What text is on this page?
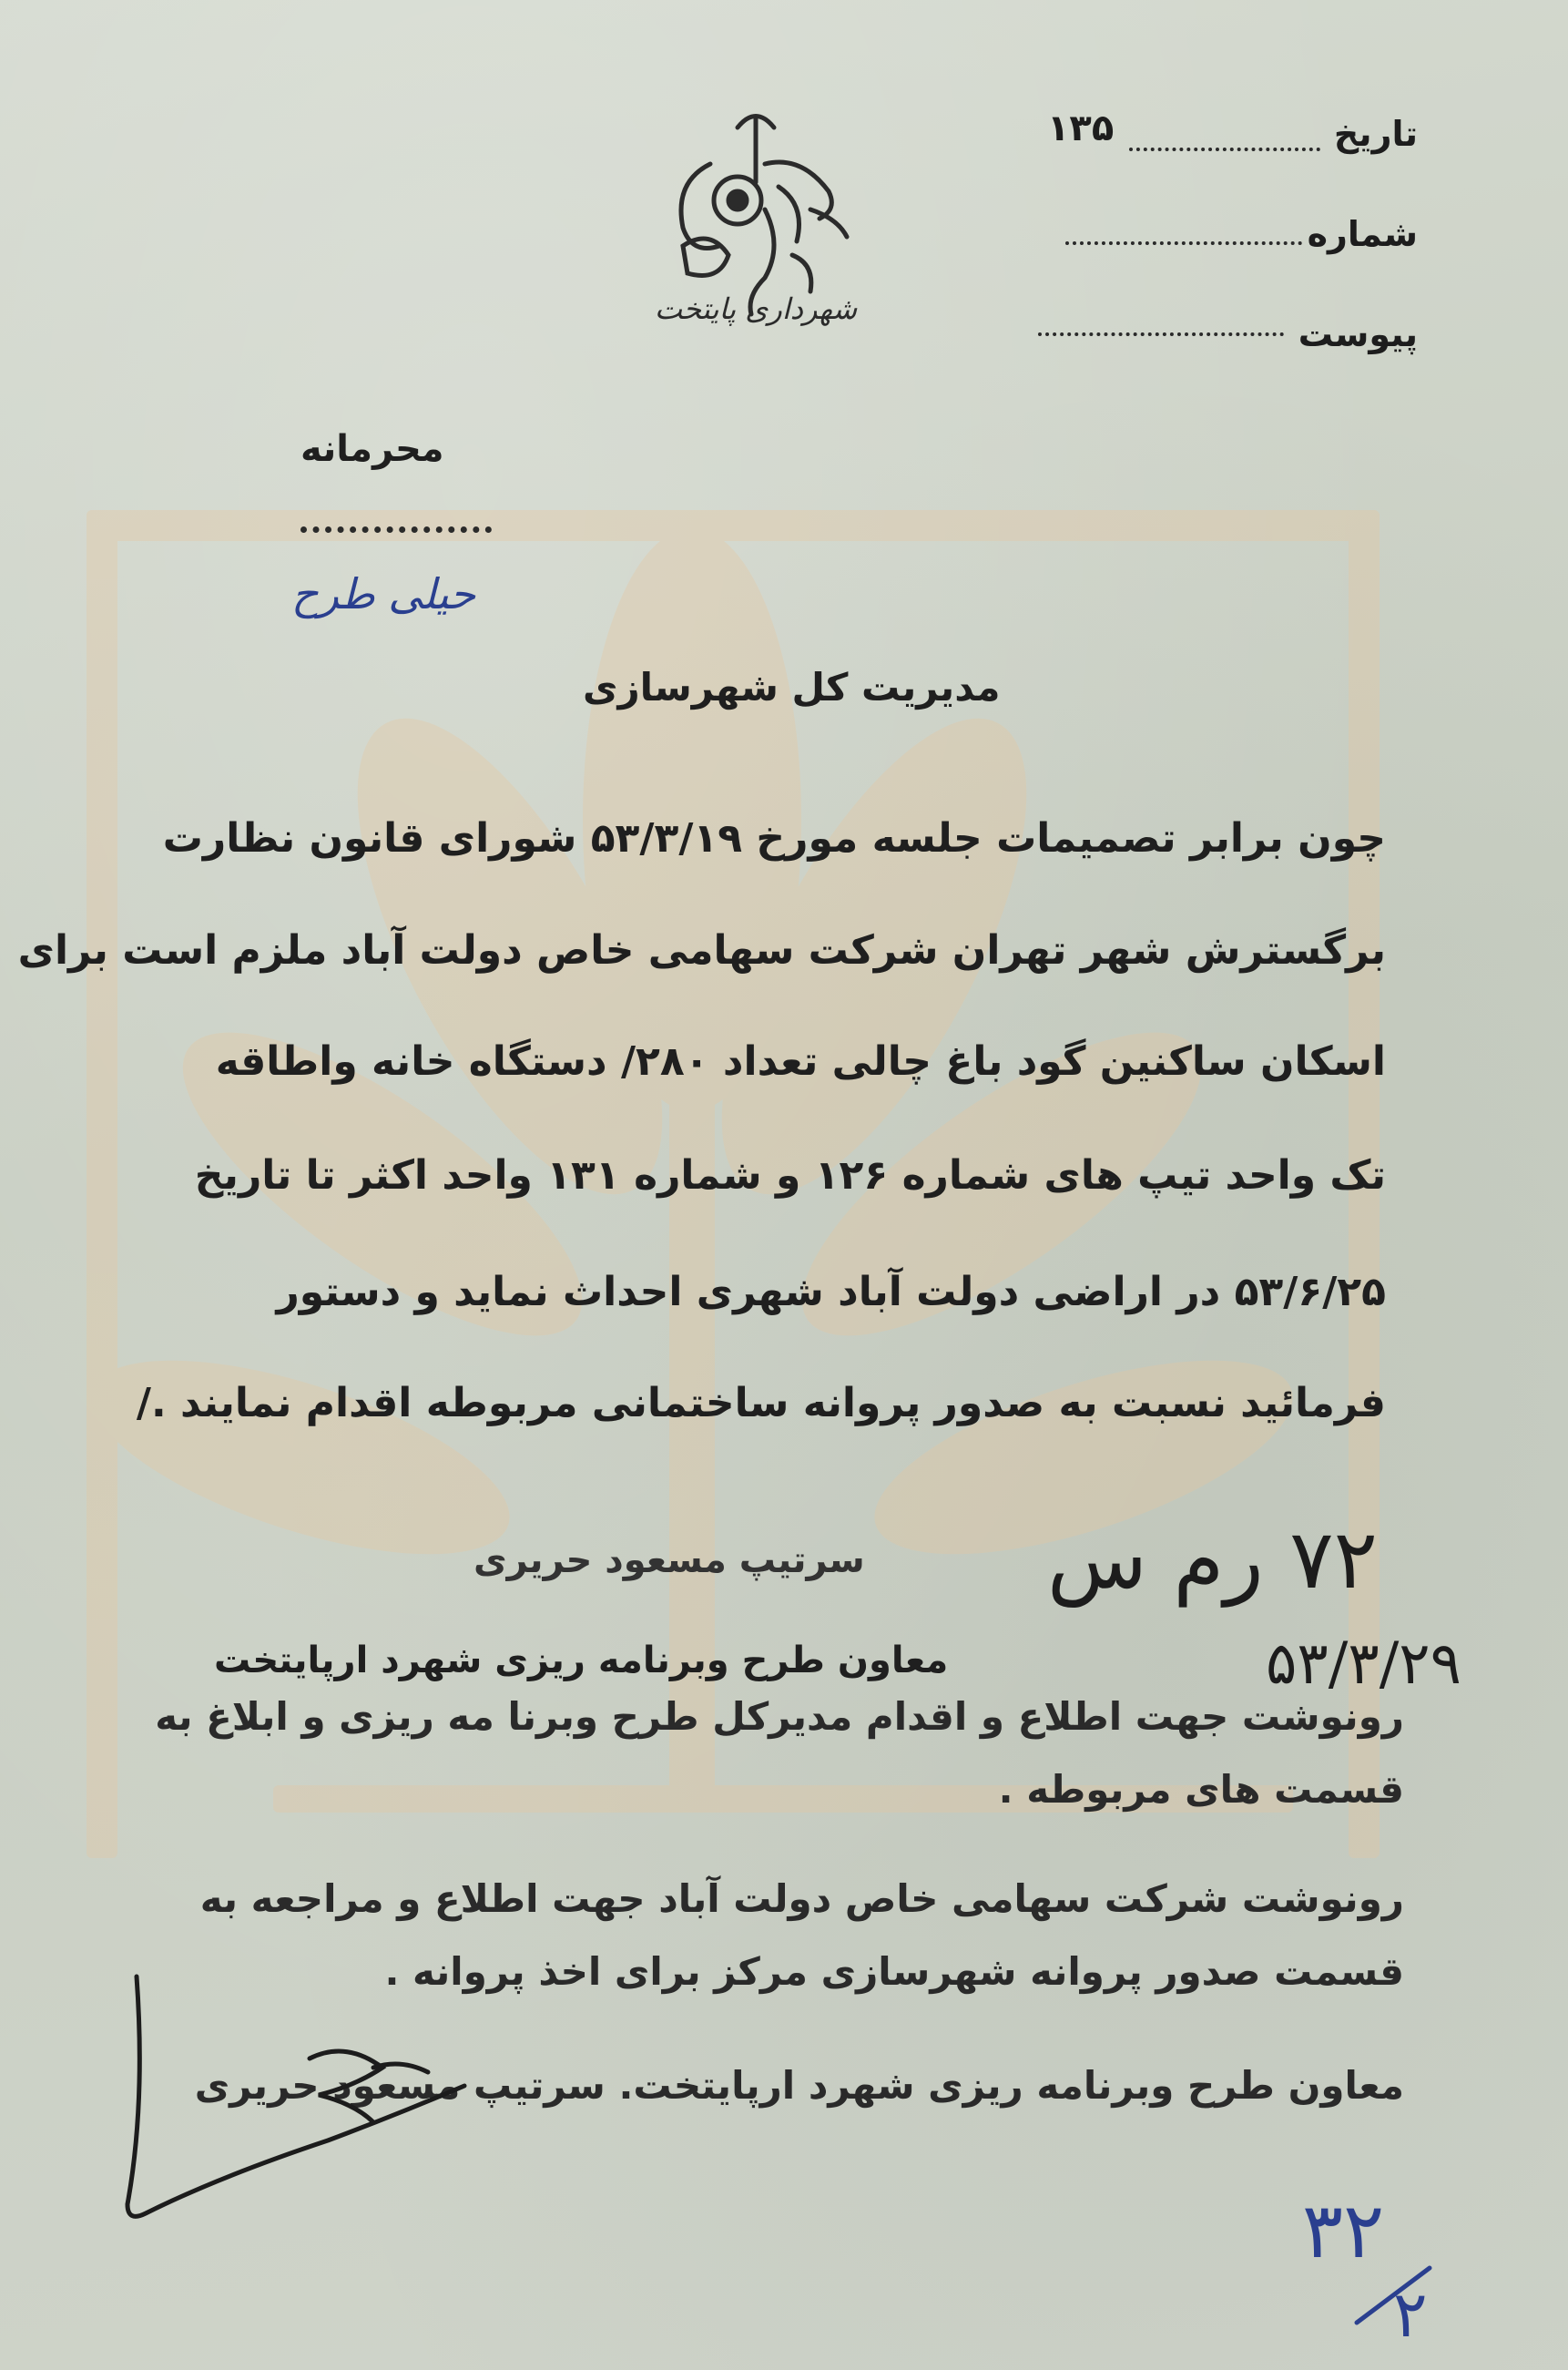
شهرداری پایتخت
تاریخ
۱۳۵
شماره
پیوست
محرمانه
حیلی طرح
مدیریت کل شهرسازی
چون برابر تصمیمات جلسه مورخ ۵۳/۳/۱۹ شورای قانون نظارت
برگسترش شهر تهران شرکت سهامی خاص دولت آباد ملزم است برای
اسکان ساکنین گود باغ چالی تعداد ۲۸۰/ دستگاه خانه واطاقه
تک واحد تیپ های شماره ۱۲۶ و شماره ۱۳۱ واحد اکثر تا تاریخ
۵۳/۶/۲۵ در اراضی دولت آباد شهری احداث نماید و دستور
فرمائید نسبت به صدور پروانه ساختمانی مربوطه اقدام نمایند ./
سرتیپ مسعود حریری
معاون طرح وبرنامه ریزی شهرد ارپایتخت
۷۲ رم س
۵۳/۳/۲۹
رونوشت جهت اطلاع و اقدام مدیرکل طرح وبرنا مه ریزی و ابلاغ به
قسمت های مربوطه .
رونوشت شرکت سهامی خاص دولت آباد جهت اطلاع و مراجعه به
قسمت صدور پروانه شهرسازی مرکز برای اخذ پروانه .
معاون طرح وبرنامه ریزی شهرد ارپایتخت. سرتیپ مسعود حریری
۳۲
۲
